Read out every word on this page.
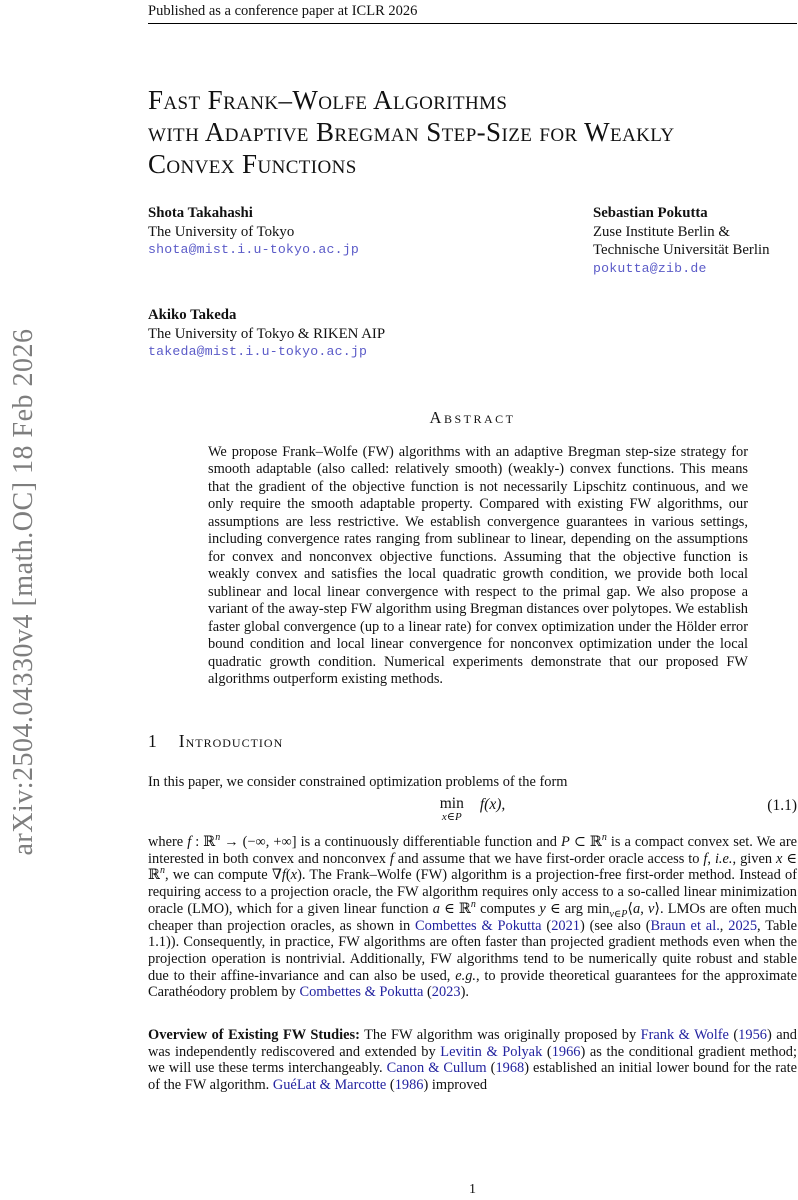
arXiv:2504.04330v4 [math.OC] 18 Feb 2026
Published as a conference paper at ICLR 2026
Fast Frank–Wolfe Algorithms
with Adaptive Bregman Step-Size for Weakly
Convex Functions
Shota Takahashi
The University of Tokyo
shota@mist.i.u-tokyo.ac.jp
Sebastian Pokutta
Zuse Institute Berlin &
Technische Universität Berlin
pokutta@zib.de
Akiko Takeda
The University of Tokyo & RIKEN AIP
takeda@mist.i.u-tokyo.ac.jp
Abstract
We propose Frank–Wolfe (FW) algorithms with an adaptive Bregman step-size strategy for smooth adaptable (also called: relatively smooth) (weakly-) convex functions. This means that the gradient of the objective function is not necessarily Lipschitz continuous, and we only require the smooth adaptable property. Compared with existing FW algorithms, our assumptions are less restrictive. We establish convergence guarantees in various settings, including convergence rates ranging from sublinear to linear, depending on the assumptions for convex and nonconvex objective functions. Assuming that the objective function is weakly convex and satisfies the local quadratic growth condition, we provide both local sublinear and local linear convergence with respect to the primal gap. We also propose a variant of the away-step FW algorithm using Bregman distances over polytopes. We establish faster global convergence (up to a linear rate) for convex optimization under the Hölder error bound condition and local linear convergence for nonconvex optimization under the local quadratic growth condition. Numerical experiments demonstrate that our proposed FW algorithms outperform existing methods.
1 Introduction
In this paper, we consider constrained optimization problems of the form
min
x∈P
f(x),	(1.1)
where f : ℝ$^n$ → (−∞, +∞] is a continuously differentiable function and P ⊂ ℝ$^n$ is a compact convex set. We are interested in both convex and nonconvex f and assume that we have first-order oracle access to f, i.e., given x ∈ ℝ$^n$, we can compute ∇f(x). The Frank–Wolfe (FW) algorithm is a projection-free first-order method. Instead of requiring access to a projection oracle, the FW algorithm requires only access to a so-called linear minimization oracle (LMO), which for a given linear function a ∈ ℝ$^n$ computes y ∈ arg $\min_{v\in P}⟨a$, v⟩. LMOs are often much cheaper than projection oracles, as shown in Combettes & Pokutta (2021) (see also (Braun et al., 2025, Table 1.1)). Consequently, in practice, FW algorithms are often faster than projected gradient methods even when the projection operation is nontrivial. Additionally, FW algorithms tend to be numerically quite robust and stable due to their affine-invariance and can also be used, e.g., to provide theoretical guarantees for the approximate Carathéodory problem by Combettes & Pokutta (2023).
Overview of Existing FW Studies: The FW algorithm was originally proposed by Frank & Wolfe (1956) and was independently rediscovered and extended by Levitin & Polyak (1966) as the conditional gradient method; we will use these terms interchangeably. Canon & Cullum (1968) established an initial lower bound for the rate of the FW algorithm. GuéLat & Marcotte (1986) improved
1
